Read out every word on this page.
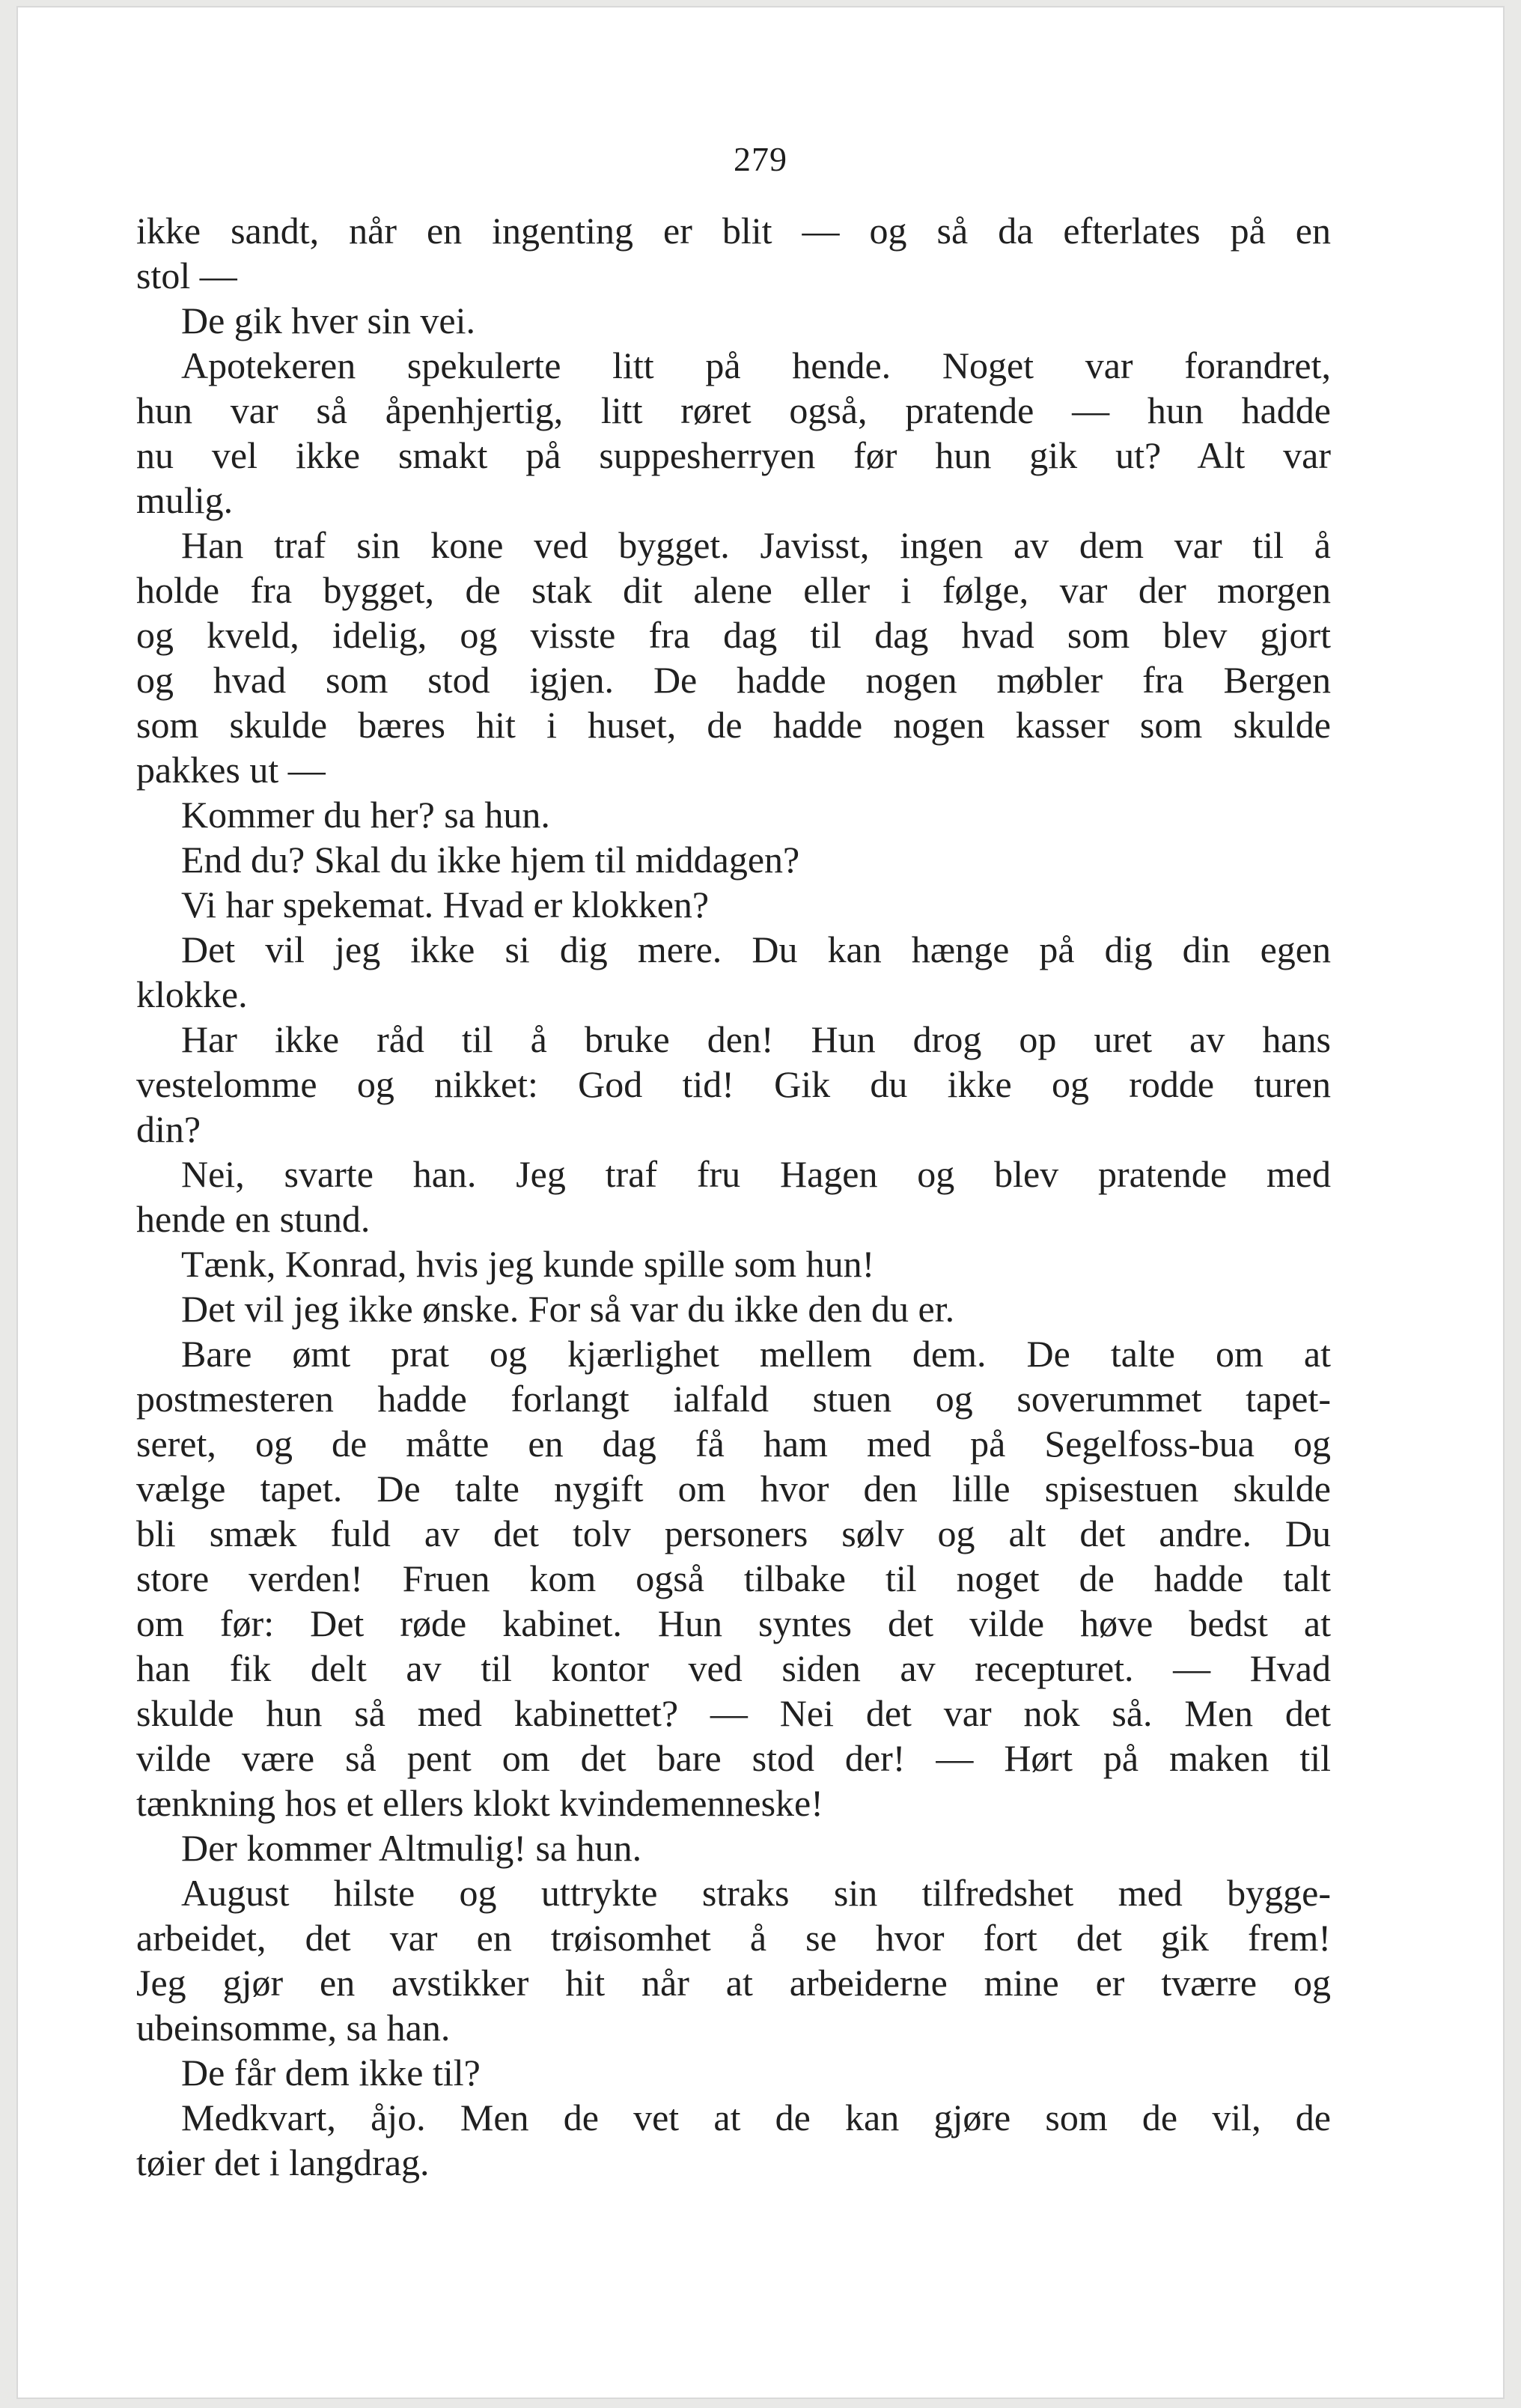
279
ikke sandt, når en ingenting er blit — og så da efterlates på en
stol —
De gik hver sin vei.
Apotekeren spekulerte litt på hende. Noget var forandret,
hun var så åpenhjertig, litt røret også, pratende — hun hadde
nu vel ikke smakt på suppesherryen før hun gik ut? Alt var
mulig.
Han traf sin kone ved bygget. Javisst, ingen av dem var til å
holde fra bygget, de stak dit alene eller i følge, var der morgen
og kveld, idelig, og visste fra dag til dag hvad som blev gjort
og hvad som stod igjen. De hadde nogen møbler fra Bergen
som skulde bæres hit i huset, de hadde nogen kasser som skulde
pakkes ut —
Kommer du her? sa hun.
End du? Skal du ikke hjem til middagen?
Vi har spekemat. Hvad er klokken?
Det vil jeg ikke si dig mere. Du kan hænge på dig din egen
klokke.
Har ikke råd til å bruke den! Hun drog op uret av hans
vestelomme og nikket: God tid! Gik du ikke og rodde turen
din?
Nei, svarte han. Jeg traf fru Hagen og blev pratende med
hende en stund.
Tænk, Konrad, hvis jeg kunde spille som hun!
Det vil jeg ikke ønske. For så var du ikke den du er.
Bare ømt prat og kjærlighet mellem dem. De talte om at
postmesteren hadde forlangt ialfald stuen og soverummet tapet-
seret, og de måtte en dag få ham med på Segelfoss-bua og
vælge tapet. De talte nygift om hvor den lille spisestuen skulde
bli smæk fuld av det tolv personers sølv og alt det andre. Du
store verden! Fruen kom også tilbake til noget de hadde talt
om før: Det røde kabinet. Hun syntes det vilde høve bedst at
han fik delt av til kontor ved siden av recepturet. — Hvad
skulde hun så med kabinettet? — Nei det var nok så. Men det
vilde være så pent om det bare stod der! — Hørt på maken til
tænkning hos et ellers klokt kvindemenneske!
Der kommer Altmulig! sa hun.
August hilste og uttrykte straks sin tilfredshet med bygge-
arbeidet, det var en trøisomhet å se hvor fort det gik frem!
Jeg gjør en avstikker hit når at arbeiderne mine er tværre og
ubeinsomme, sa han.
De får dem ikke til?
Medkvart, åjo. Men de vet at de kan gjøre som de vil, de
tøier det i langdrag.
